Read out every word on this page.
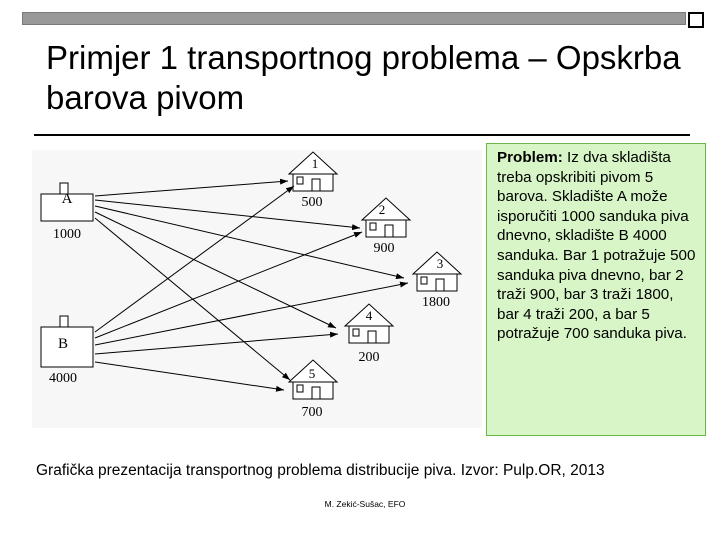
Primjer 1 transportnog problema – Opskrba barova pivom
A
1000
B
4000
1
500	2
900
3
1800
4
200
5
700
Problem: Iz dva skladišta treba opskribiti pivom 5 barova. Skladište A može isporučiti 1000 sanduka piva dnevno, skladište B 4000 sanduka. Bar 1 potražuje 500 sanduka piva dnevno, bar 2 traži 900, bar 3 traži 1800, bar 4 traži 200, a bar 5 potražuje 700 sanduka piva.
Grafička prezentacija transportnog problema distribucije piva. Izvor: Pulp.OR, 2013
M. Zekić-Sušac, EFO
